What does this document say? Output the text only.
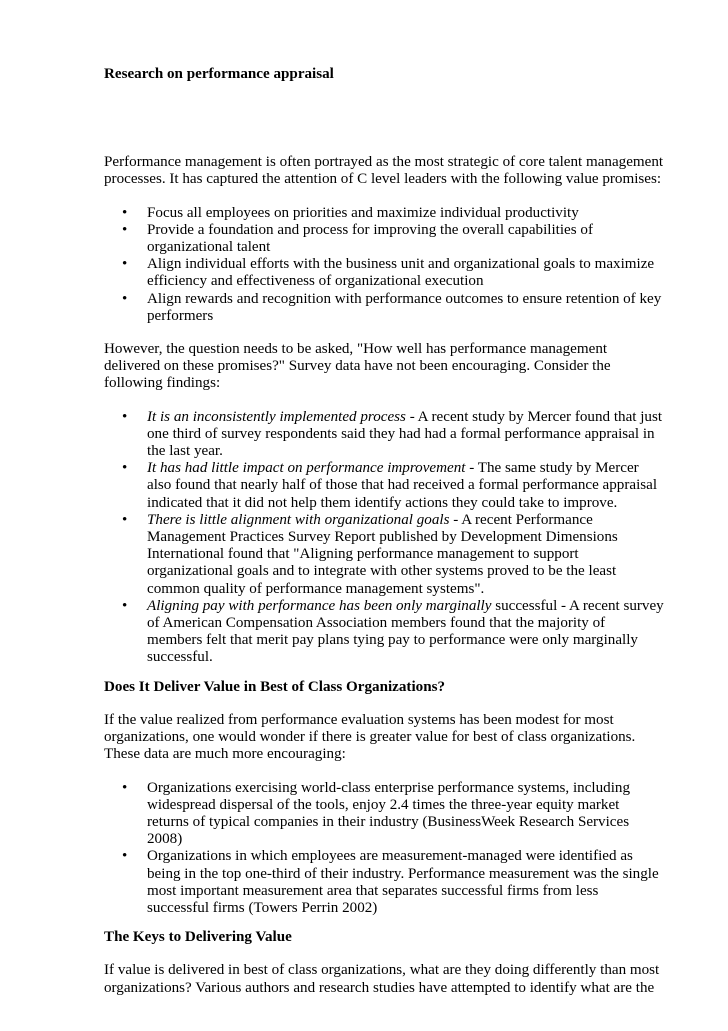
Research on performance appraisal

Performance management is often portrayed as the most strategic of core talent management processes. It has captured the attention of C level leaders with the following value promises:

• Focus all employees on priorities and maximize individual productivity
• Provide a foundation and process for improving the overall capabilities of organizational talent
• Align individual efforts with the business unit and organizational goals to maximize efficiency and effectiveness of organizational execution
• Align rewards and recognition with performance outcomes to ensure retention of key performers

However, the question needs to be asked, "How well has performance management delivered on these promises?" Survey data have not been encouraging. Consider the following findings:

• It is an inconsistently implemented process - A recent study by Mercer found that just one third of survey respondents said they had had a formal performance appraisal in the last year.
• It has had little impact on performance improvement - The same study by Mercer also found that nearly half of those that had received a formal performance appraisal indicated that it did not help them identify actions they could take to improve.
• There is little alignment with organizational goals - A recent Performance Management Practices Survey Report published by Development Dimensions International found that "Aligning performance management to support organizational goals and to integrate with other systems proved to be the least common quality of performance management systems".
• Aligning pay with performance has been only marginally successful - A recent survey of American Compensation Association members found that the majority of members felt that merit pay plans tying pay to performance were only marginally successful.
Does It Deliver Value in Best of Class Organizations?

If the value realized from performance evaluation systems has been modest for most organizations, one would wonder if there is greater value for best of class organizations. These data are much more encouraging:

• Organizations exercising world-class enterprise performance systems, including widespread dispersal of the tools, enjoy 2.4 times the three-year equity market returns of typical companies in their industry (BusinessWeek Research Services 2008)
• Organizations in which employees are measurement-managed were identified as being in the top one-third of their industry. Performance measurement was the single most important measurement area that separates successful firms from less successful firms (Towers Perrin 2002)
The Keys to Delivering Value

If value is delivered in best of class organizations, what are they doing differently than most organizations? Various authors and research studies have attempted to identify what are the
